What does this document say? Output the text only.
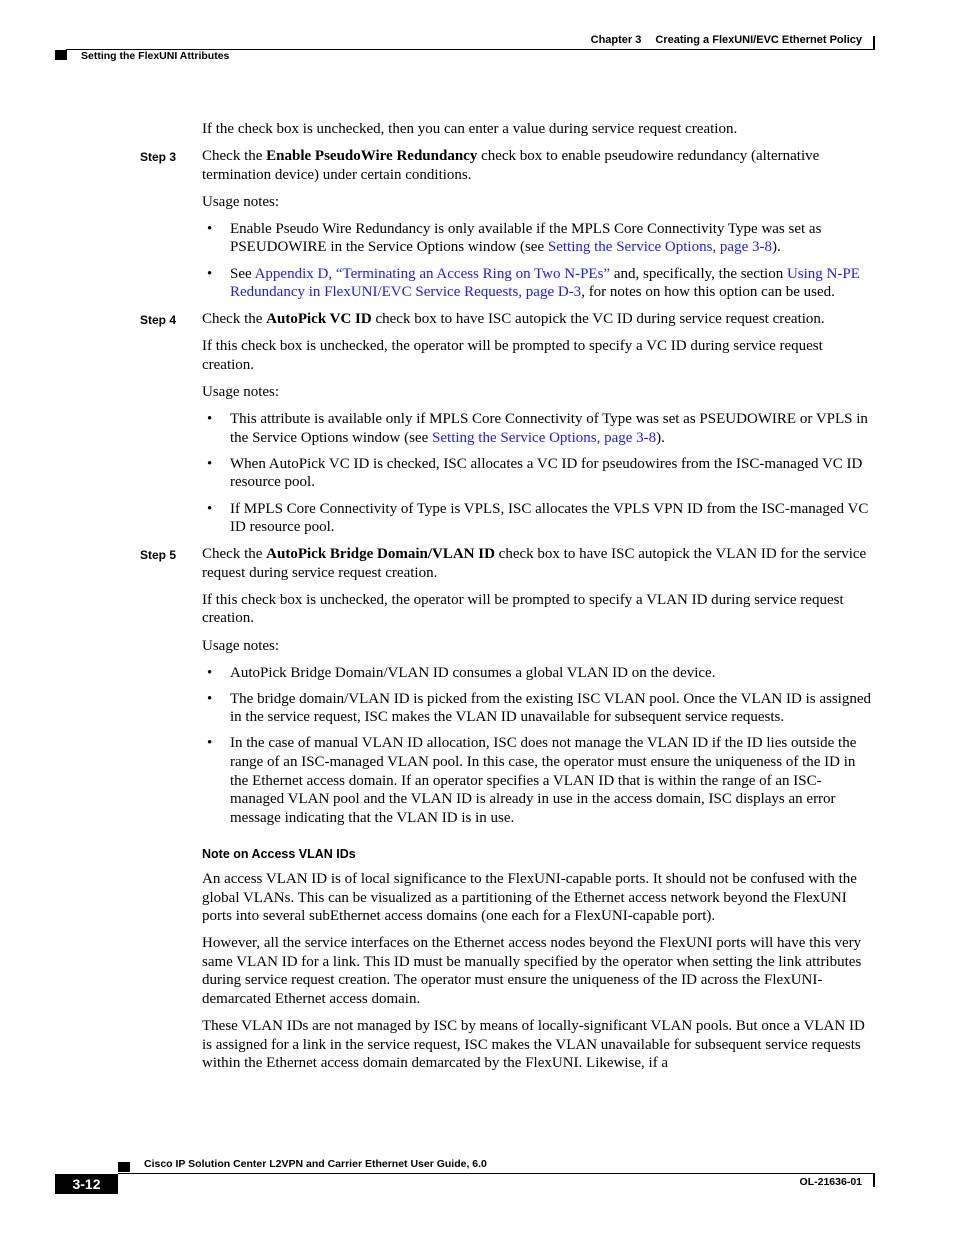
Chapter 3 Creating a FlexUNI/EVC Ethernet Policy
Setting the FlexUNI Attributes

If the check box is unchecked, then you can enter a value during service request creation.

Step 3 Check the Enable PseudoWire Redundancy check box to enable pseudowire redundancy (alternative termination device) under certain conditions.

Usage notes:

• Enable Pseudo Wire Redundancy is only available if the MPLS Core Connectivity Type was set as PSEUDOWIRE in the Service Options window (see Setting the Service Options, page 3-8).
• See Appendix D, “Terminating an Access Ring on Two N-PEs” and, specifically, the section Using N-PE Redundancy in FlexUNI/EVC Service Requests, page D-3, for notes on how this option can be used.
Step 4 Check the AutoPick VC ID check box to have ISC autopick the VC ID during service request creation.

If this check box is unchecked, the operator will be prompted to specify a VC ID during service request creation.

Usage notes:

• This attribute is available only if MPLS Core Connectivity of Type was set as PSEUDOWIRE or VPLS in the Service Options window (see Setting the Service Options, page 3-8).
• When AutoPick VC ID is checked, ISC allocates a VC ID for pseudowires from the ISC-managed VC ID resource pool.
• If MPLS Core Connectivity of Type is VPLS, ISC allocates the VPLS VPN ID from the ISC-managed VC ID resource pool.
Step 5 Check the AutoPick Bridge Domain/VLAN ID check box to have ISC autopick the VLAN ID for the service request during service request creation.

If this check box is unchecked, the operator will be prompted to specify a VLAN ID during service request creation.

Usage notes:

• AutoPick Bridge Domain/VLAN ID consumes a global VLAN ID on the device.
• The bridge domain/VLAN ID is picked from the existing ISC VLAN pool. Once the VLAN ID is assigned in the service request, ISC makes the VLAN ID unavailable for subsequent service requests.
• In the case of manual VLAN ID allocation, ISC does not manage the VLAN ID if the ID lies outside the range of an ISC-managed VLAN pool. In this case, the operator must ensure the uniqueness of the ID in the Ethernet access domain. If an operator specifies a VLAN ID that is within the range of an ISC-managed VLAN pool and the VLAN ID is already in use in the access domain, ISC displays an error message indicating that the VLAN ID is in use.
Note on Access VLAN IDs

An access VLAN ID is of local significance to the FlexUNI-capable ports. It should not be confused with the global VLANs. This can be visualized as a partitioning of the Ethernet access network beyond the FlexUNI ports into several subEthernet access domains (one each for a FlexUNI-capable port).

However, all the service interfaces on the Ethernet access nodes beyond the FlexUNI ports will have this very same VLAN ID for a link. This ID must be manually specified by the operator when setting the link attributes during service request creation. The operator must ensure the uniqueness of the ID across the FlexUNI-demarcated Ethernet access domain.

These VLAN IDs are not managed by ISC by means of locally-significant VLAN pools. But once a VLAN ID is assigned for a link in the service request, ISC makes the VLAN unavailable for subsequent service requests within the Ethernet access domain demarcated by the FlexUNI. Likewise, if a

Cisco IP Solution Center L2VPN and Carrier Ethernet User Guide, 6.0
3-12	OL-21636-01
